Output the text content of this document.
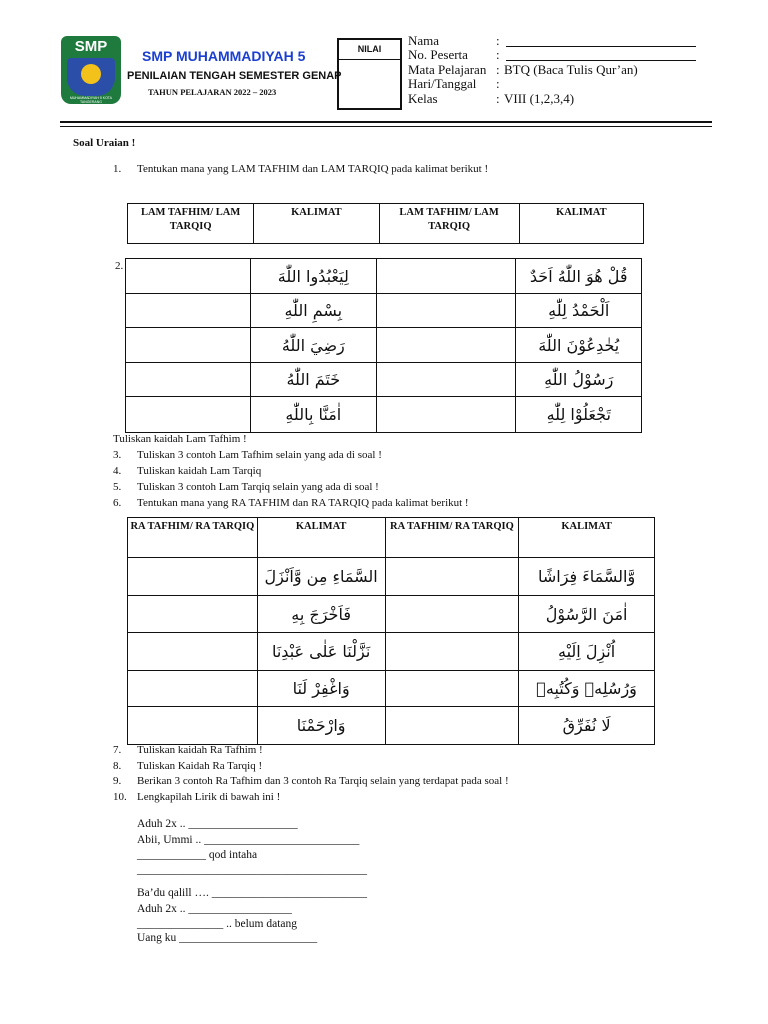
SMP
MUHAMMADIYAH 5 KOTA TANGERANG
SMP MUHAMMADIYAH 5
PENILAIAN TENGAH SEMESTER GENAP
TAHUN PELAJARAN 2022 – 2023
NILAI
Nama	:
No. Peserta :
Mata Pelajaran : BTQ (Baca Tulis Qur’an)
Hari/Tanggal :
Kelas	: VIII (1,2,3,4)
Soal Uraian !
1. Tentukan mana yang LAM TAFHIM dan LAM TARQIQ pada kalimat berikut !
LAM TAFHIM/ LAM TARQIQ	KALIMAT	LAM TAFHIM/ LAM TARQIQ	KALIMAT
2.
	لِيَعْبُدُوا اللّٰهَ		قُلْ هُوَ اللّٰهُ اَحَدٌ
	بِسْمِ اللّٰهِ		اَلْحَمْدُ لِلّٰهِ
	رَضِيَ اللّٰهُ		يُخٰدِعُوْنَ اللّٰهَ
	خَتَمَ اللّٰهُ		رَسُوْلُ اللّٰهِ
	اٰمَنَّا بِاللّٰهِ		تَجْعَلُوْا لِلّٰهِ
Tuliskan kaidah Lam Tafhim !
3. Tuliskan 3 contoh Lam Tafhim selain yang ada di soal !
4. Tuliskan kaidah Lam Tarqiq
5. Tuliskan 3 contoh Lam Tarqiq selain yang ada di soal !
6. Tentukan mana yang RA TAFHIM dan RA TARQIQ pada kalimat berikut !
RA TAFHIM/ RA TARQIQ	KALIMAT	RA TAFHIM/ RA TARQIQ	KALIMAT
	السَّمَاءِ مِن وَّاَنْزَلَ		وَّالسَّمَاءَ فِرَاشًا
	فَاَخْرَجَ بِهِ		اٰمَنَ الرَّسُوْلُ
	نَزَّلْنَا عَلٰى عَبْدِنَا		اُنْزِلَ اِلَيْهِ
	وَاغْفِرْ لَنَا		وَرُسُلِهٖ وَكُتُبِهٖ
	وَارْحَمْنَا		لَا نُفَرِّقُ
7. Tuliskan kaidah Ra Tafhim !
8. Tuliskan Kaidah Ra Tarqiq !
9. Berikan 3 contoh Ra Tafhim dan 3 contoh Ra Tarqiq selain yang terdapat pada soal !
10. Lengkapilah Lirik di bawah ini !
Aduh 2x .. ___________________
Abii, Ummi .. ___________________________
____________ qod intaha
________________________________________
Ba’du qalill …. ___________________________
Aduh 2x .. __________________
_______________ .. belum datang
Uang ku ________________________
